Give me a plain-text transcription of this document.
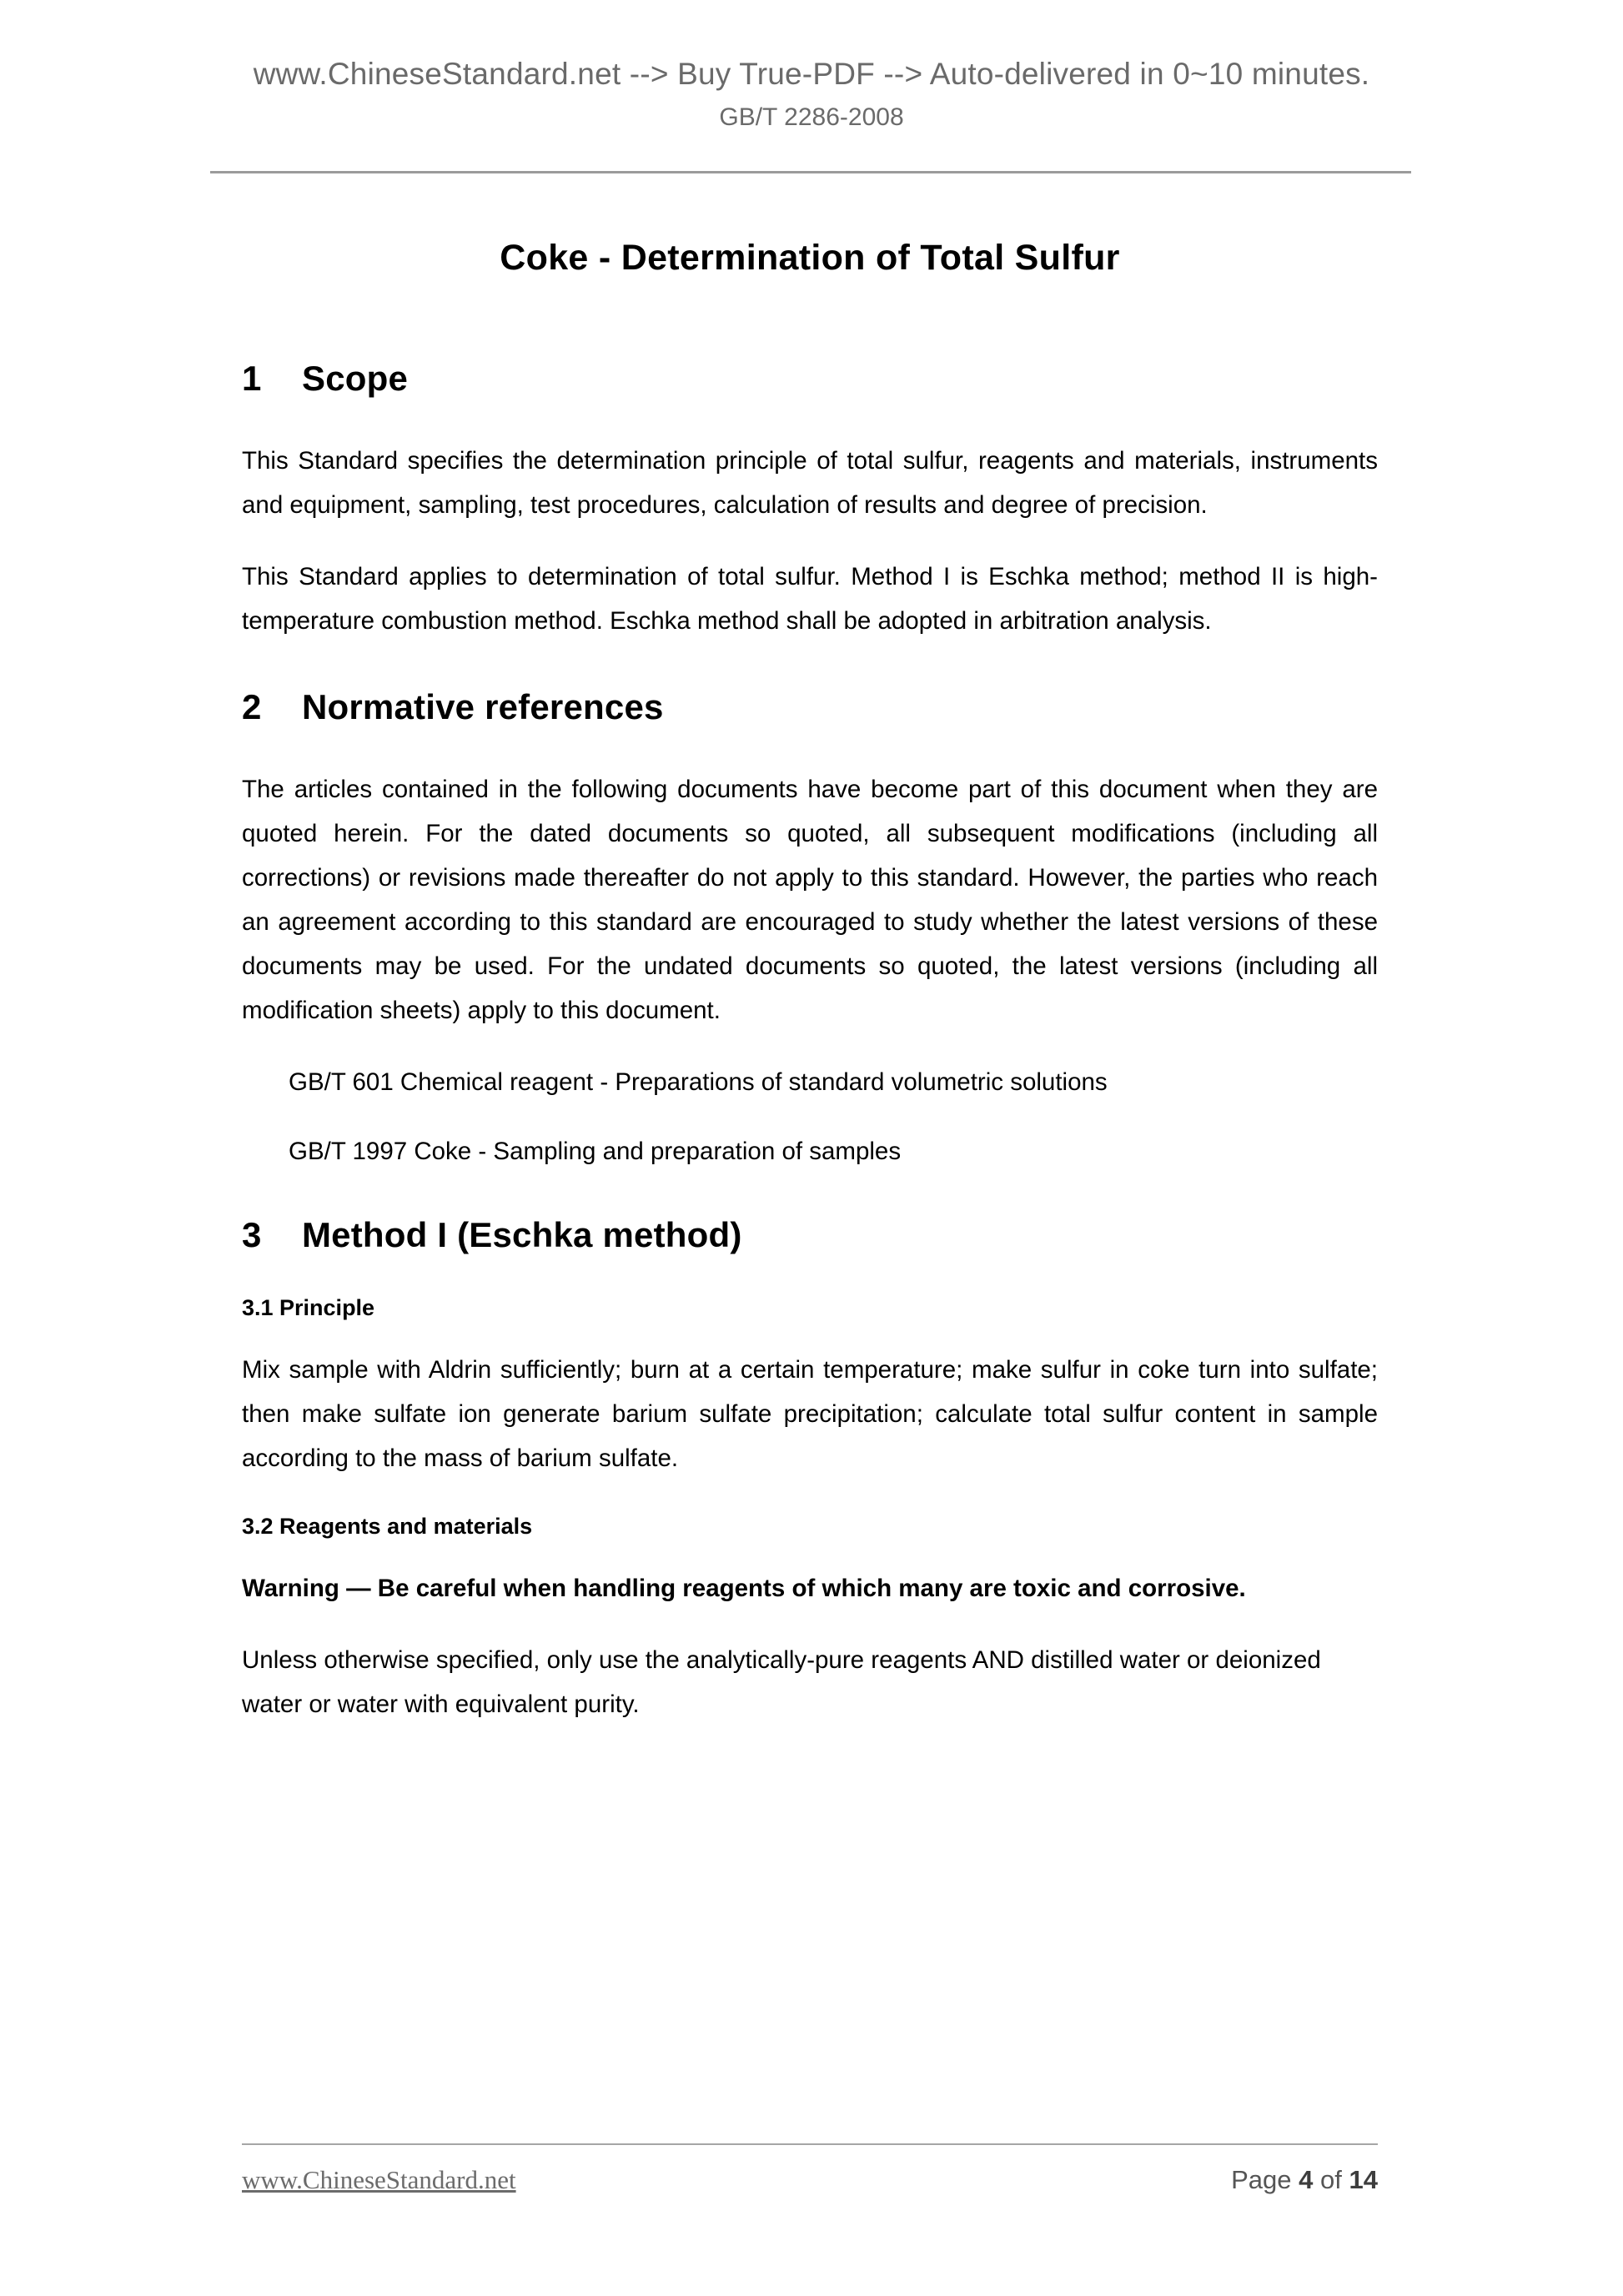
www.ChineseStandard.net --> Buy True-PDF --> Auto-delivered in 0~10 minutes.
GB/T 2286-2008
Coke - Determination of Total Sulfur
1 Scope

This Standard specifies the determination principle of total sulfur, reagents and materials, instruments and equipment, sampling, test procedures, calculation of results and degree of precision.

This Standard applies to determination of total sulfur. Method I is Eschka method; method II is high-temperature combustion method. Eschka method shall be adopted in arbitration analysis.

2 Normative references

The articles contained in the following documents have become part of this document when they are quoted herein. For the dated documents so quoted, all subsequent modifications (including all corrections) or revisions made thereafter do not apply to this standard. However, the parties who reach an agreement according to this standard are encouraged to study whether the latest versions of these documents may be used. For the undated documents so quoted, the latest versions (including all modification sheets) apply to this document.

GB/T 601 Chemical reagent - Preparations of standard volumetric solutions

GB/T 1997 Coke - Sampling and preparation of samples

3 Method I (Eschka method)
3.1 Principle

Mix sample with Aldrin sufficiently; burn at a certain temperature; make sulfur in coke turn into sulfate; then make sulfate ion generate barium sulfate precipitation; calculate total sulfur content in sample according to the mass of barium sulfate.

3.2 Reagents and materials

Warning — Be careful when handling reagents of which many are toxic and corrosive.

Unless otherwise specified, only use the analytically-pure reagents AND distilled water or deionized water or water with equivalent purity.

www.ChineseStandard.net	Page 4 of 14
